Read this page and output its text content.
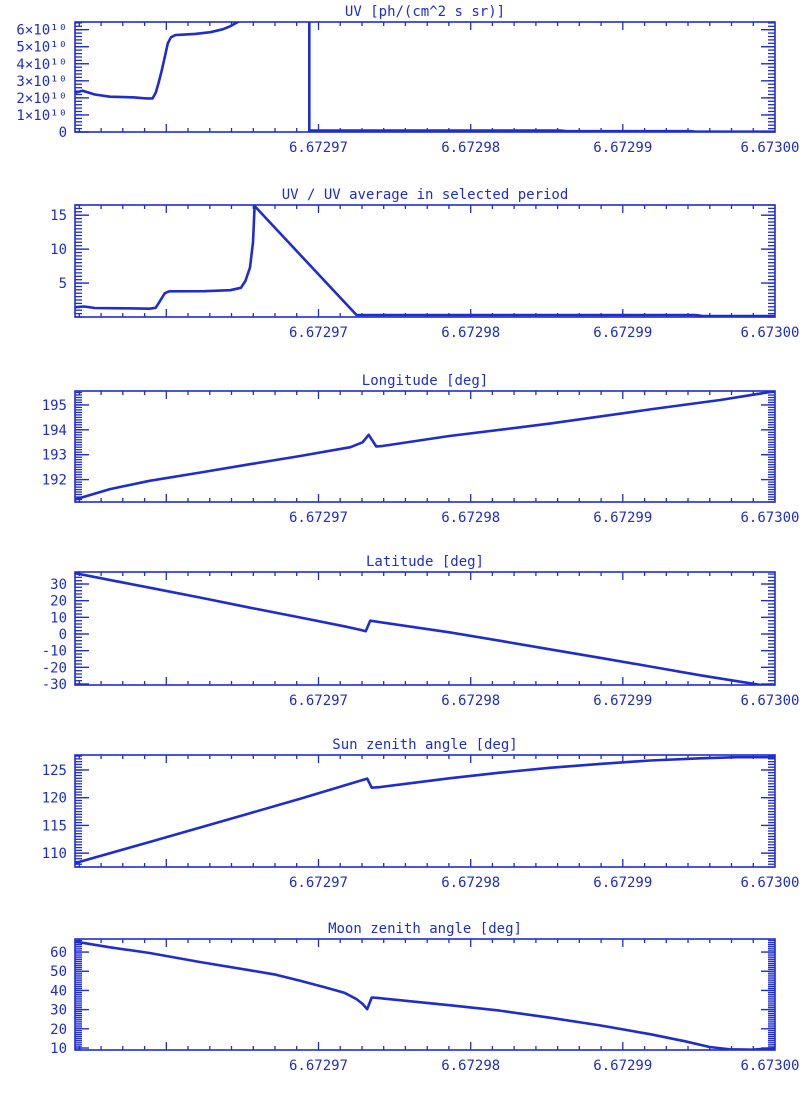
0
1×10¹⁰
2×10¹⁰
3×10¹⁰
4×10¹⁰
5×10¹⁰
6×10¹⁰
6.67297	6.67298	6.67299	6.67300
UV [ph/(cm^2 s sr)]
5
10
15
6.67297	6.67298	6.67299	6.67300
UV / UV average in selected period
192
193
194
195
6.67297	6.67298	6.67299	6.67300
Longitude [deg]
30
20
10
0
-10
-20
-30
6.67297	6.67298	6.67299	6.67300
Latitude [deg]
110
115
120
125
6.67297	6.67298	6.67299	6.67300
Sun zenith angle [deg]
10
20
30
40
50
60
6.67297	6.67298	6.67299	6.67300
Moon zenith angle [deg]
